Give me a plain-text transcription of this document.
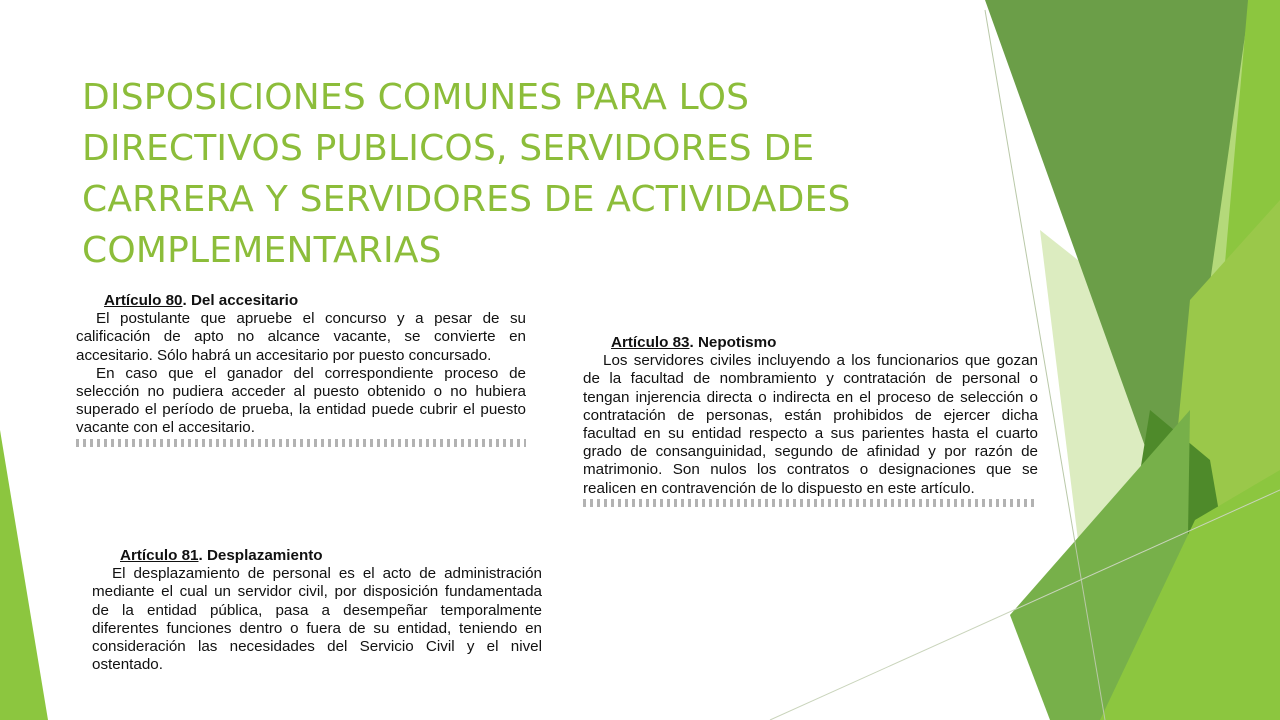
DISPOSICIONES COMUNES PARA LOS DIRECTIVOS PUBLICOS, SERVIDORES DE CARRERA Y SERVIDORES DE ACTIVIDADES COMPLEMENTARIAS
Artículo 80. Del accesitario

El postulante que apruebe el concurso y a pesar de su calificación de apto no alcance vacante, se convierte en accesitario. Sólo habrá un accesitario por puesto concursado.

En caso que el ganador del correspondiente proceso de selección no pudiera acceder al puesto obtenido o no hubiera superado el período de prueba, la entidad puede cubrir el puesto vacante con el accesitario.

Artículo 81. Desplazamiento

El desplazamiento de personal es el acto de administración mediante el cual un servidor civil, por disposición fundamentada de la entidad pública, pasa a desempeñar temporalmente diferentes funciones dentro o fuera de su entidad, teniendo en consideración las necesidades del Servicio Civil y el nivel ostentado.

Artículo 83. Nepotismo

Los servidores civiles incluyendo a los funcionarios que gozan de la facultad de nombramiento y contratación de personal o tengan injerencia directa o indirecta en el proceso de selección o contratación de personas, están prohibidos de ejercer dicha facultad en su entidad respecto a sus parientes hasta el cuarto grado de consanguinidad, segundo de afinidad y por razón de matrimonio. Son nulos los contratos o designaciones que se realicen en contravención de lo dispuesto en este artículo.
